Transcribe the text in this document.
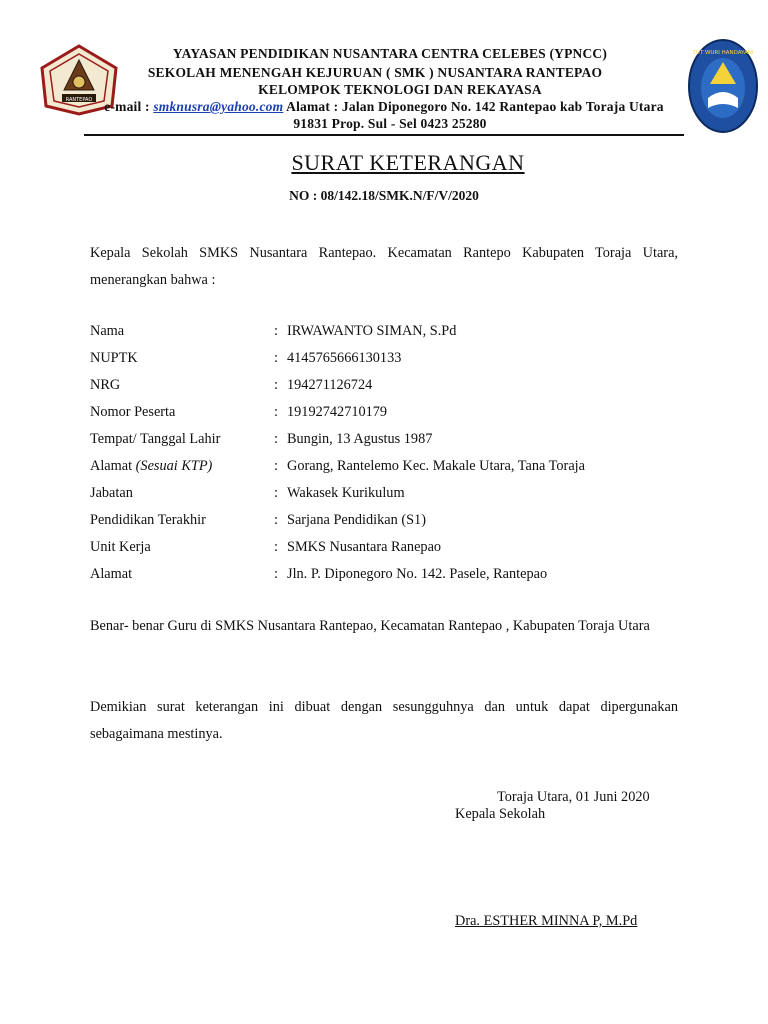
RANTEPAO
TUT WURI HANDAYANI
YAYASAN PENDIDIKAN NUSANTARA CENTRA CELEBES (YPNCC)
SEKOLAH MENENGAH KEJURUAN ( SMK ) NUSANTARA RANTEPAO
KELOMPOK TEKNOLOGI DAN REKAYASA
e-mail : smknusra@yahoo.com Alamat : Jalan Diponegoro No. 142 Rantepao kab Toraja Utara
91831 Prop. Sul - Sel 0423 25280
SURAT KETERANGAN
NO : 08/142.18/SMK.N/F/V/2020
Kepala Sekolah SMKS Nusantara Rantepao. Kecamatan Rantepo Kabupaten Toraja Utara, menerangkan bahwa :
Nama	: IRWAWANTO SIMAN, S.Pd
NUPTK	: 4145765666130133
NRG	: 194271126724
Nomor Peserta	: 19192742710179
Tempat/ Tanggal Lahir	: Bungin, 13 Agustus 1987
Alamat (Sesuai KTP)	: Gorang, Rantelemo Kec. Makale Utara, Tana Toraja
Jabatan	: Wakasek Kurikulum
Pendidikan Terakhir	: Sarjana Pendidikan (S1)
Unit Kerja	: SMKS Nusantara Ranepao
Alamat	: Jln. P. Diponegoro No. 142. Pasele, Rantepao
Benar- benar Guru di SMKS Nusantara Rantepao, Kecamatan Rantepao , Kabupaten Toraja Utara
Demikian surat keterangan ini dibuat dengan sesungguhnya dan untuk dapat dipergunakan sebagaimana mestinya.
Toraja Utara, 01 Juni 2020
Kepala Sekolah
Dra. ESTHER MINNA P, M.Pd
